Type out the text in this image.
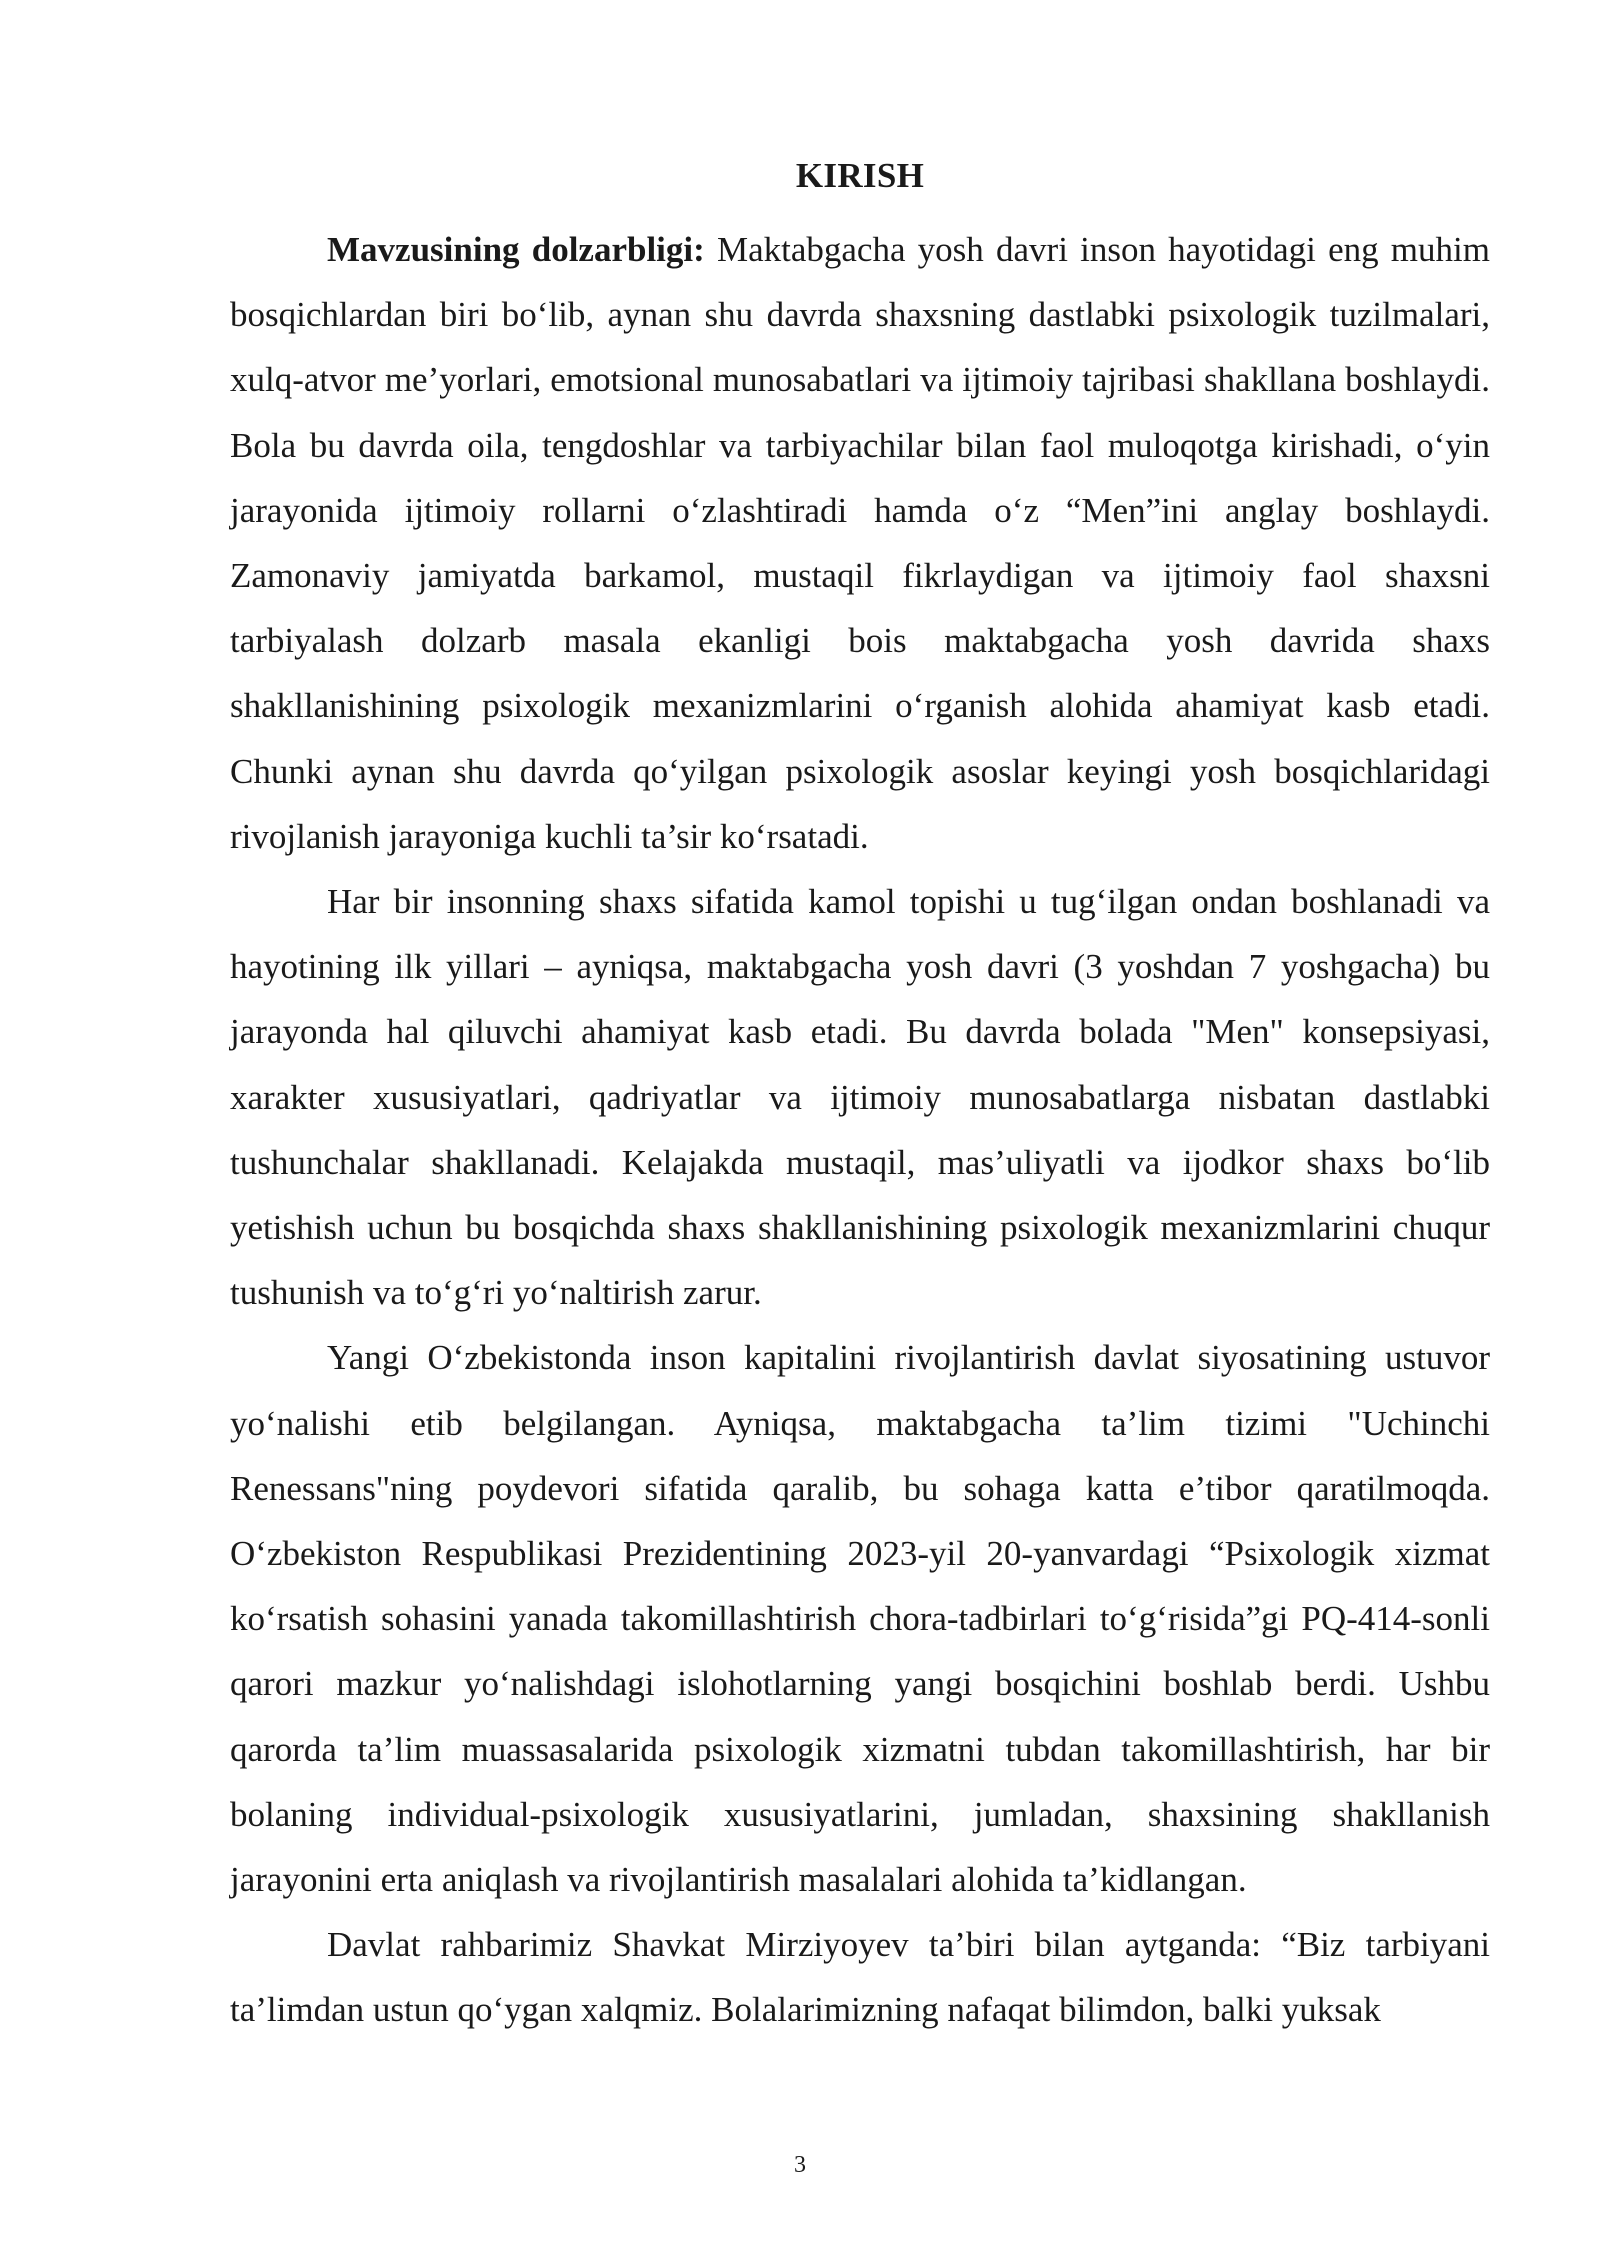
KIRISH

Mavzusining dolzarbligi: Maktabgacha yosh davri inson hayotidagi eng muhim bosqichlardan biri bo‘lib, aynan shu davrda shaxsning dastlabki psixologik tuzilmalari, xulq-atvor me’yorlari, emotsional munosabatlari va ijtimoiy tajribasi shakllana boshlaydi. Bola bu davrda oila, tengdoshlar va tarbiyachilar bilan faol muloqotga kirishadi, o‘yin jarayonida ijtimoiy rollarni o‘zlashtiradi hamda o‘z “Men”ini anglay boshlaydi. Zamonaviy jamiyatda barkamol, mustaqil fikrlaydigan va ijtimoiy faol shaxsni tarbiyalash dolzarb masala ekanligi bois maktabgacha yosh davrida shaxs shakllanishining psixologik mexanizmlarini o‘rganish alohida ahamiyat kasb etadi. Chunki aynan shu davrda qo‘yilgan psixologik asoslar keyingi yosh bosqichlaridagi rivojlanish jarayoniga kuchli ta’sir ko‘rsatadi.

Har bir insonning shaxs sifatida kamol topishi u tug‘ilgan ondan boshlanadi va hayotining ilk yillari – ayniqsa, maktabgacha yosh davri (3 yoshdan 7 yoshgacha) bu jarayonda hal qiluvchi ahamiyat kasb etadi. Bu davrda bolada "Men" konsepsiyasi, xarakter xususiyatlari, qadriyatlar va ijtimoiy munosabatlarga nisbatan dastlabki tushunchalar shakllanadi. Kelajakda mustaqil, mas’uliyatli va ijodkor shaxs bo‘lib yetishish uchun bu bosqichda shaxs shakllanishining psixologik mexanizmlarini chuqur tushunish va to‘g‘ri yo‘naltirish zarur.

Yangi O‘zbekistonda inson kapitalini rivojlantirish davlat siyosatining ustuvor yo‘nalishi etib belgilangan. Ayniqsa, maktabgacha ta’lim tizimi "Uchinchi Renessans"ning poydevori sifatida qaralib, bu sohaga katta e’tibor qaratilmoqda. O‘zbekiston Respublikasi Prezidentining 2023-yil 20-yanvardagi “Psixologik xizmat ko‘rsatish sohasini yanada takomillashtirish chora-tadbirlari to‘g‘risida”gi PQ-414-sonli qarori mazkur yo‘nalishdagi islohotlarning yangi bosqichini boshlab berdi. Ushbu qarorda ta’lim muassasalarida psixologik xizmatni tubdan takomillashtirish, har bir bolaning individual-psixologik xususiyatlarini, jumladan, shaxsining shakllanish jarayonini erta aniqlash va rivojlantirish masalalari alohida ta’kidlangan.

Davlat rahbarimiz Shavkat Mirziyoyev ta’biri bilan aytganda: “Biz tarbiyani ta’limdan ustun qo‘ygan xalqmiz. Bolalarimizning nafaqat bilimdon, balki yuksak

3
